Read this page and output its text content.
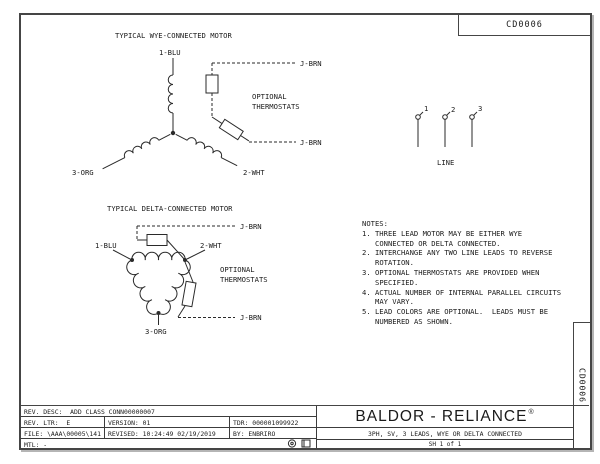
CD0006
TYPICAL WYE-CONNECTED MOTOR
1-BLU
3-ORG	2-WHT
J-BRN
J-BRN
OPTIONAL
THERMOSTATS
TYPICAL DELTA-CONNECTED MOTOR
J-BRN
1-BLU	2-WHT
J-BRN
OPTIONAL
THERMOSTATS
3-ORG
1	2	3
LINE
NOTES:
1. THREE LEAD MOTOR MAY BE EITHER WYE
CONNECTED OR DELTA CONNECTED.
2. INTERCHANGE ANY TWO LINE LEADS TO REVERSE
ROTATION.
3. OPTIONAL THERMOSTATS ARE PROVIDED WHEN
SPECIFIED.
4. ACTUAL NUMBER OF INTERNAL PARALLEL CIRCUITS
MAY VARY.
5. LEAD COLORS ARE OPTIONAL.  LEADS MUST BE
NUMBERED AS SHOWN.
CD0006
REV. DESC:  ADD CLASS CONN00000007
REV. LTR:  E	VERSION: 01	TDR: 000001099922
FILE: \AAA\00005\141	REVISED: 10:24:49 02/19/2019	BY: ENBRIRO
MTL: -
BALDOR - RELIANCE ®
3PH, SV, 3 LEADS, WYE OR DELTA CONNECTED
SH 1 of 1
